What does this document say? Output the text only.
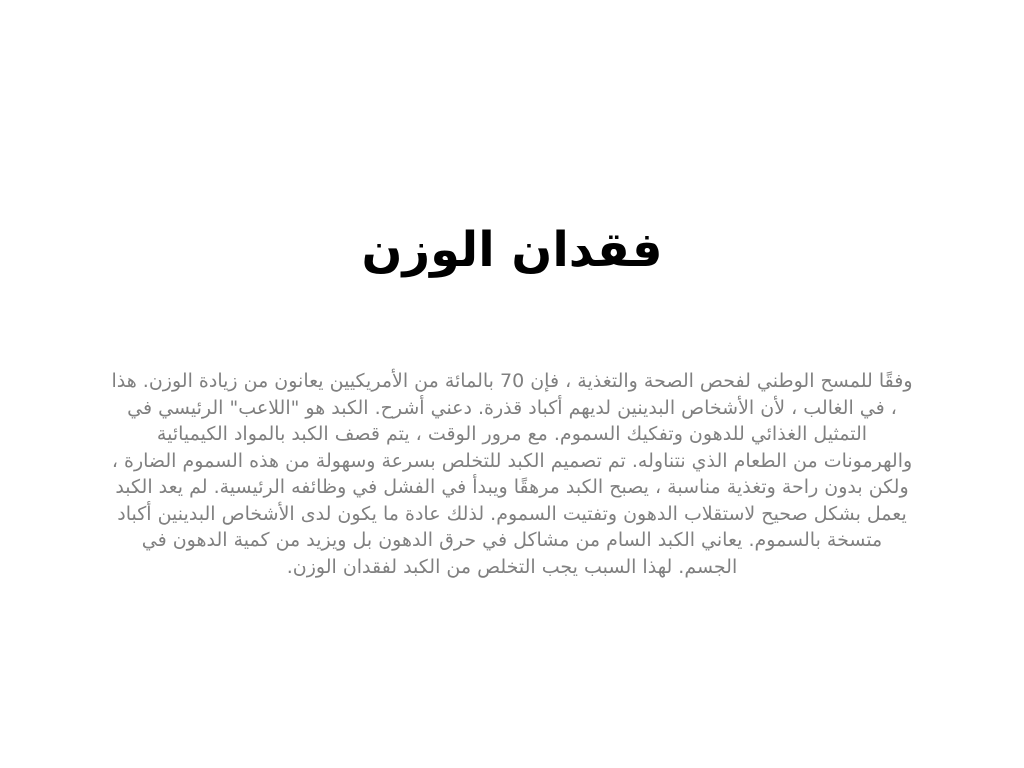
فقدان الوزن

وفقًا للمسح الوطني لفحص الصحة والتغذية ، فإن 70 بالمائة من الأمريكيين يعانون من زيادة الوزن. هذا ، في الغالب ، لأن الأشخاص البدينين لديهم أكباد قذرة. دعني أشرح. الكبد هو "اللاعب" الرئيسي في التمثيل الغذائي للدهون وتفكيك السموم. مع مرور الوقت ، يتم قصف الكبد بالمواد الكيميائية والهرمونات من الطعام الذي نتناوله. تم تصميم الكبد للتخلص بسرعة وسهولة من هذه السموم الضارة ، ولكن بدون راحة وتغذية مناسبة ، يصبح الكبد مرهقًا ويبدأ في الفشل في وظائفه الرئيسية. لم يعد الكبد يعمل بشكل صحيح لاستقلاب الدهون وتفتيت السموم. لذلك عادة ما يكون لدى الأشخاص البدينين أكباد متسخة بالسموم. يعاني الكبد السام من مشاكل في حرق الدهون بل ويزيد من كمية الدهون في الجسم. لهذا السبب يجب التخلص من الكبد لفقدان الوزن.
